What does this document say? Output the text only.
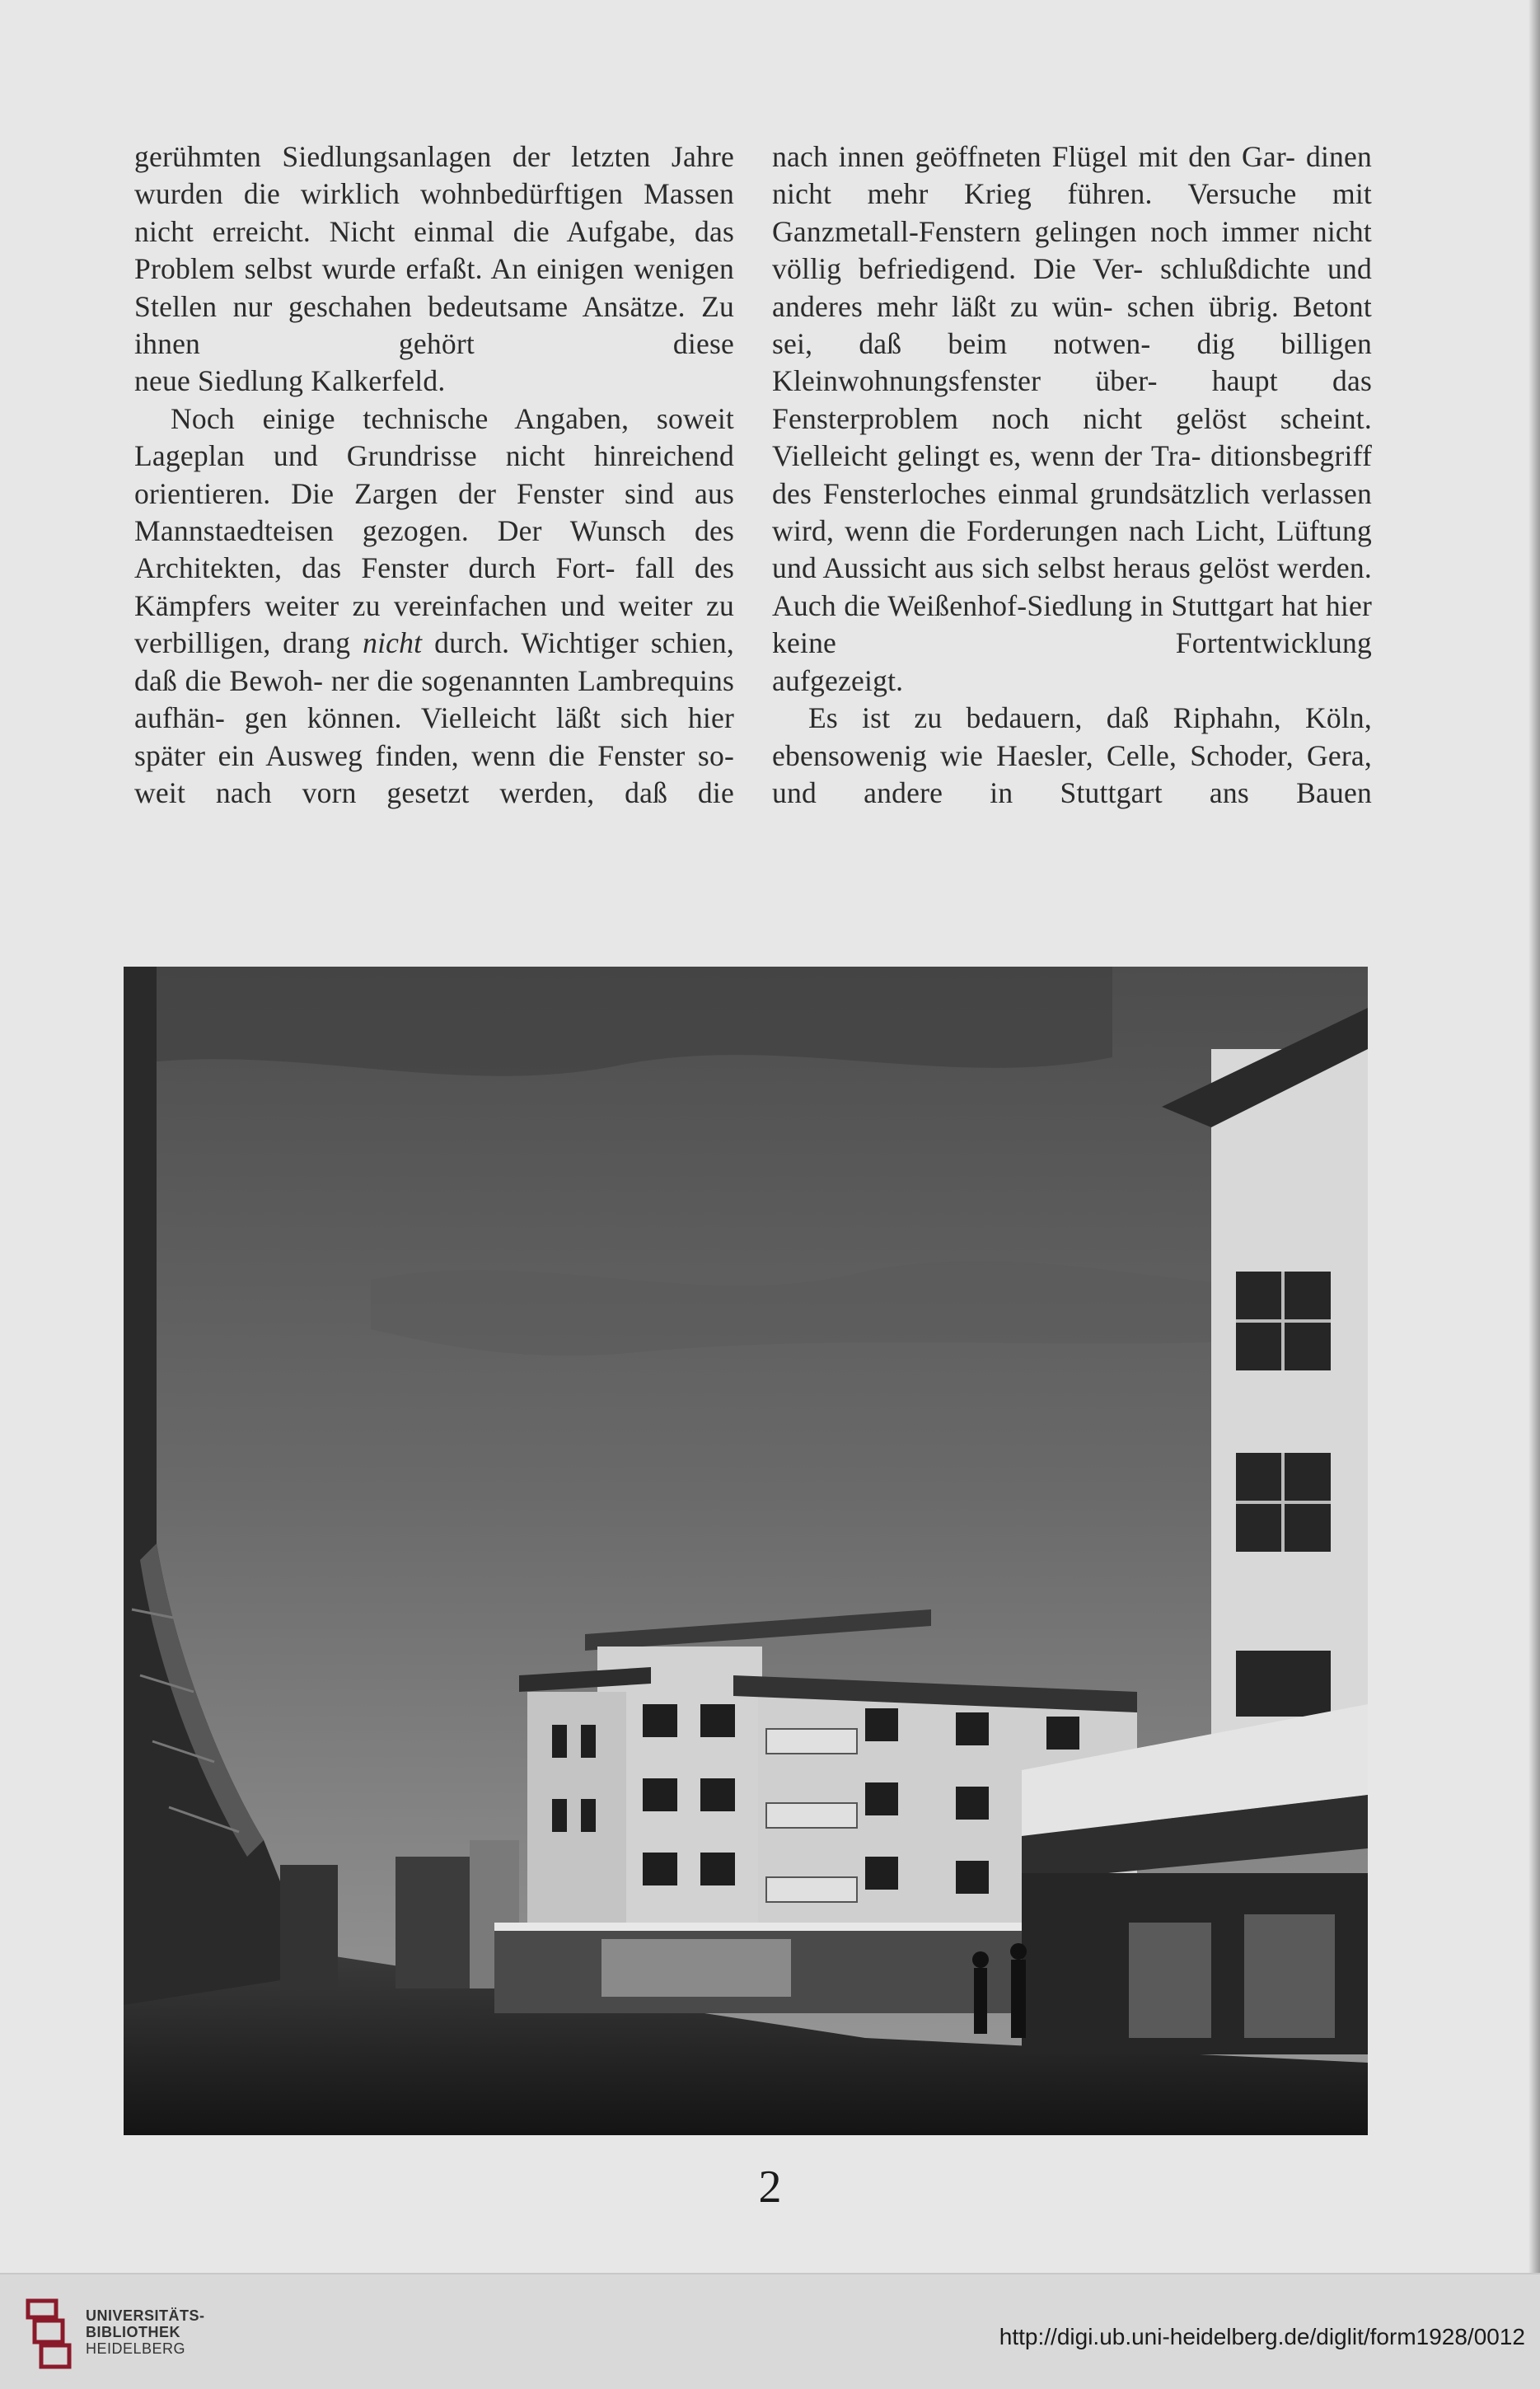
gerühmten Siedlungsanlagen der letzten Jahre wurden die wirklich wohnbedürftigen Massen nicht erreicht. Nicht einmal die Aufgabe, das Problem selbst wurde erfaßt. An einigen wenigen Stellen nur geschahen bedeutsame Ansätze. Zu ihnen gehört diese

neue Siedlung Kalkerfeld.

Noch einige technische Angaben, soweit Lageplan und Grundrisse nicht hinreichend orientieren. Die Zargen der Fenster sind aus Mannstaedteisen gezogen. Der Wunsch des Architekten, das Fenster durch Fort- fall des Kämpfers weiter zu vereinfachen und weiter zu verbilligen, drang nicht durch. Wichtiger schien, daß die Bewoh- ner die sogenannten Lambrequins aufhän- gen können. Vielleicht läßt sich hier später ein Ausweg finden, wenn die Fenster so- weit nach vorn gesetzt werden, daß die

nach innen geöffneten Flügel mit den Gar- dinen nicht mehr Krieg führen. Versuche mit Ganzmetall-Fenstern gelingen noch immer nicht völlig befriedigend. Die Ver- schlußdichte und anderes mehr läßt zu wün- schen übrig. Betont sei, daß beim notwen- dig billigen Kleinwohnungsfenster über- haupt das Fensterproblem noch nicht gelöst scheint. Vielleicht gelingt es, wenn der Tra- ditionsbegriff des Fensterloches einmal grundsätzlich verlassen wird, wenn die Forderungen nach Licht, Lüftung und Aussicht aus sich selbst heraus gelöst werden. Auch die Weißenhof-Siedlung in Stuttgart hat hier keine Fortentwicklung

aufgezeigt.

Es ist zu bedauern, daß Riphahn, Köln, ebensowenig wie Haesler, Celle, Schoder, Gera, und andere in Stuttgart ans Bauen

2
UNIVERSITÄTS-
BIBLIOTHEK
HEIDELBERG	http://digi.ub.uni-heidelberg.de/diglit/form1928/0012
